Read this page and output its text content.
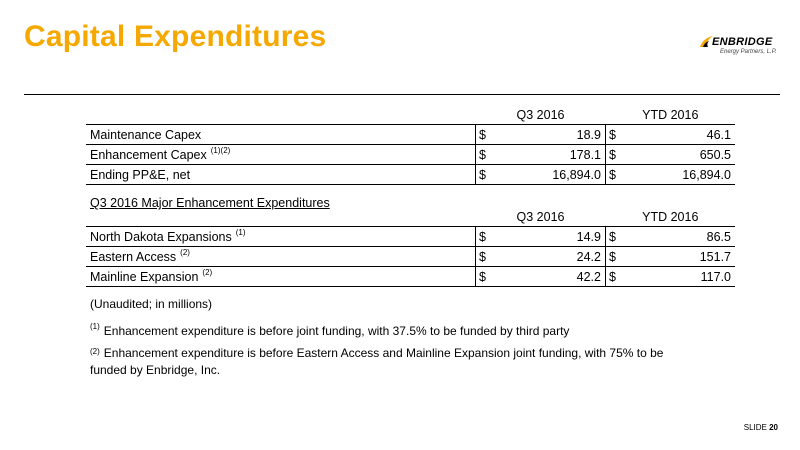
Capital Expenditures	ENBRIDGE
Energy Partners, L.P.
	Q3 2016		YTD 2016	
Maintenance Capex	$	18.9	$	46.1
Enhancement Capex $^{(1)(2)}$	$	178.1	$	650.5
Ending PP&E, net	$	16,894.0	$	16,894.0
Q3 2016 Major Enhancement Expenditures
	Q3 2016		YTD 2016	
North Dakota Expansions $^{(1)}$	$	14.9	$	86.5
Eastern Access $^{(2)}$	$	24.2	$	151.7
Mainline Expansion $^{(2)}$	$	42.2	$	117.0
(Unaudited; in millions)
$^{(1)}$ Enhancement expenditure is before joint funding, with 37.5% to be funded by third party
$^{(2)}$ Enhancement expenditure is before Eastern Access and Mainline Expansion joint funding, with 75% to be
funded by Enbridge, Inc.
SLIDE 20
